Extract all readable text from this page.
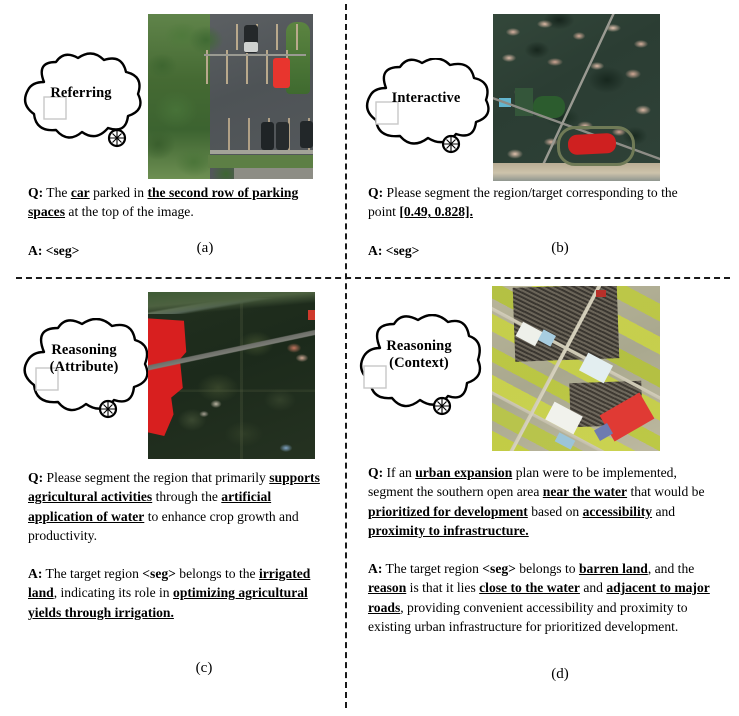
Referring

Q: The car parked in the second row of parking spaces at the top of the image.

A: <seg>	(a)
Interactive

Q: Please segment the region/target corresponding to the point [0.49, 0.828].

A: <seg>	(b)
Reasoning
(Attribute)

Q: Please segment the region that primarily supports agricultural activities through the artificial application of water to enhance crop growth and productivity.

A: The target region <seg> belongs to the irrigated land, indicating its role in optimizing agricultural yields through irrigation.

(c)
Reasoning
(Context)

Q: If an urban expansion plan were to be implemented, segment the southern open area near the water that would be prioritized for development based on accessibility and proximity to infrastructure.

A: The target region <seg> belongs to barren land, and the reason is that it lies close to the water and adjacent to major roads, providing convenient accessibility and proximity to existing urban infrastructure for prioritized development.

(d)
